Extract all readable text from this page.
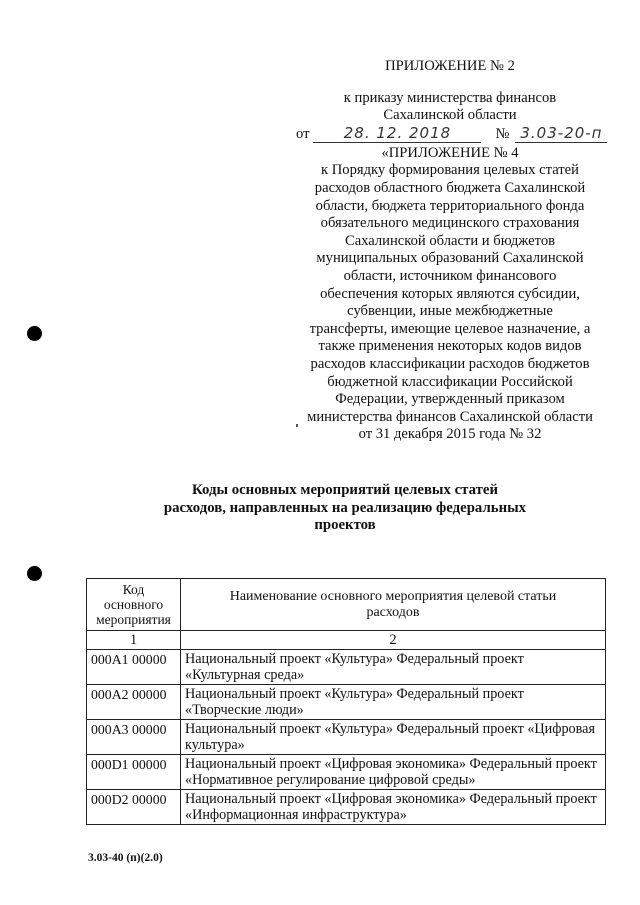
ПРИЛОЖЕНИЕ № 2
к приказу министерства финансов
Сахалинской области
от	28. 12. 2018	№ 3.03-20-п
«ПРИЛОЖЕНИЕ № 4
к Порядку формирования целевых статей
расходов областного бюджета Сахалинской
области, бюджета территориального фонда
обязательного медицинского страхования
Сахалинской области и бюджетов
муниципальных образований Сахалинской
области, источником финансового
обеспечения которых являются субсидии,
субвенции, иные межбюджетные
трансферты, имеющие целевое назначение, а
также применения некоторых кодов видов
расходов классификации расходов бюджетов
бюджетной классификации Российской
Федерации, утвержденный приказом
министерства финансов Сахалинской области
от 31 декабря 2015 года № 32
Коды основных мероприятий целевых статей
расходов, направленных на реализацию федеральных
проектов
Код
основного
мероприятия	Наименование основного мероприятия целевой статьи
расходов

1	2
000A1 00000	Национальный проект «Культура» Федеральный проект «Культурная среда»
000A2 00000	Национальный проект «Культура» Федеральный проект «Творческие люди»
000A3 00000	Национальный проект «Культура» Федеральный проект «Цифровая культура»
000D1 00000	Национальный проект «Цифровая экономика» Федеральный проект «Нормативное регулирование цифровой среды»
000D2 00000	Национальный проект «Цифровая экономика» Федеральный проект «Информационная инфраструктура»
3.03-40 (п)(2.0)
